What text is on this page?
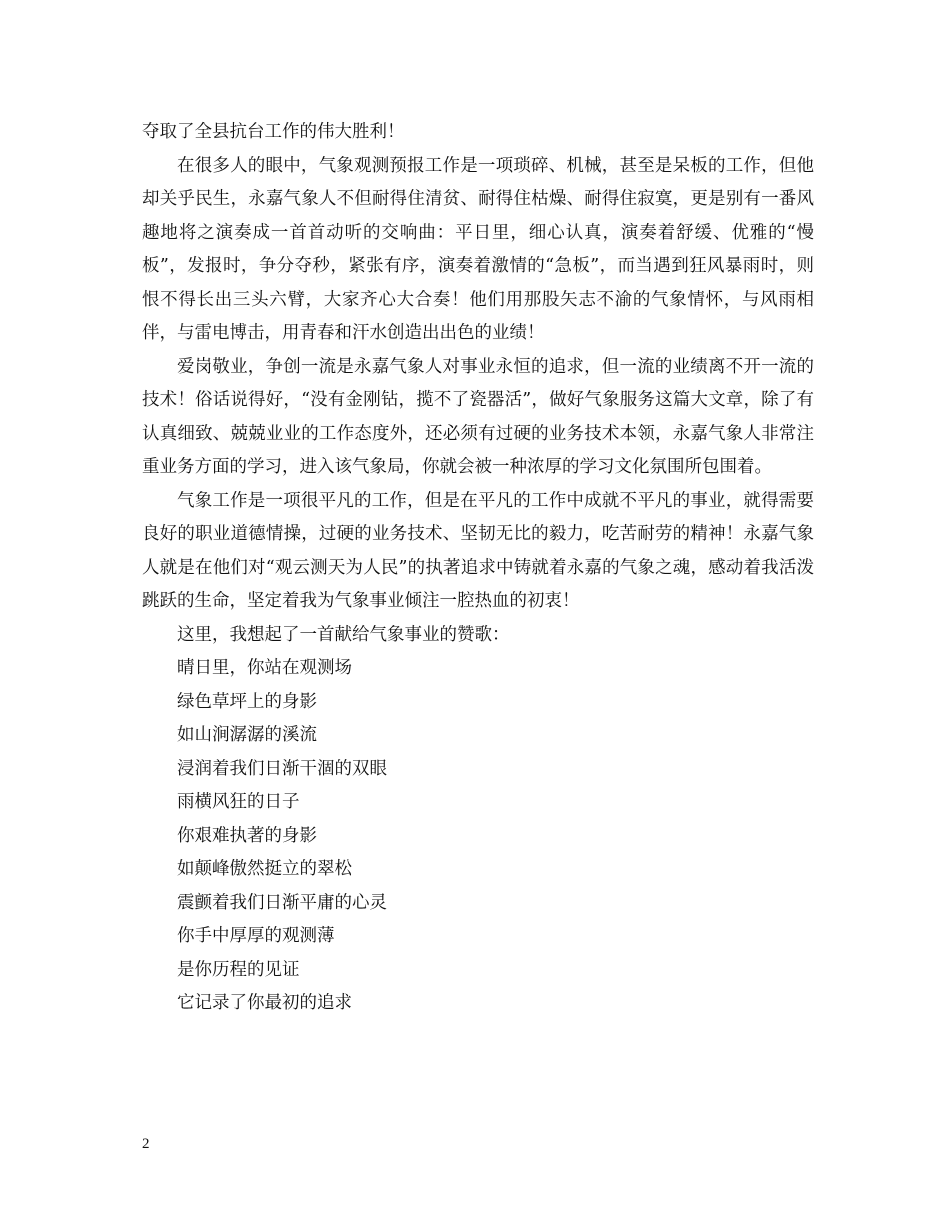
夺取了全县抗台工作的伟大胜利！

在很多人的眼中，气象观测预报工作是一项琐碎、机械，甚至是呆板的工作，但他却关乎民生，永嘉气象人不但耐得住清贫、耐得住枯燥、耐得住寂寞，更是别有一番风趣地将之演奏成一首首动听的交响曲：平日里，细心认真，演奏着舒缓、优雅的“慢板”，发报时，争分夺秒，紧张有序，演奏着激情的“急板”，而当遇到狂风暴雨时，则恨不得长出三头六臂，大家齐心大合奏！他们用那股矢志不渝的气象情怀，与风雨相伴，与雷电博击，用青春和汗水创造出出色的业绩！

爱岗敬业，争创一流是永嘉气象人对事业永恒的追求，但一流的业绩离不开一流的技术！俗话说得好，“没有金刚钻，揽不了瓷器活”，做好气象服务这篇大文章，除了有认真细致、兢兢业业的工作态度外，还必须有过硬的业务技术本领，永嘉气象人非常注重业务方面的学习，进入该气象局，你就会被一种浓厚的学习文化氛围所包围着。

气象工作是一项很平凡的工作，但是在平凡的工作中成就不平凡的事业，就得需要良好的职业道德情操，过硬的业务技术、坚韧无比的毅力，吃苦耐劳的精神！永嘉气象人就是在他们对“观云测天为人民”的执著追求中铸就着永嘉的气象之魂，感动着我活泼跳跃的生命，坚定着我为气象事业倾注一腔热血的初衷！

这里，我想起了一首献给气象事业的赞歌：

晴日里，你站在观测场
绿色草坪上的身影
如山涧潺潺的溪流
浸润着我们日渐干涸的双眼
雨横风狂的日子
你艰难执著的身影
如颠峰傲然挺立的翠松
震颤着我们日渐平庸的心灵
你手中厚厚的观测薄
是你历程的见证
它记录了你最初的追求
2
